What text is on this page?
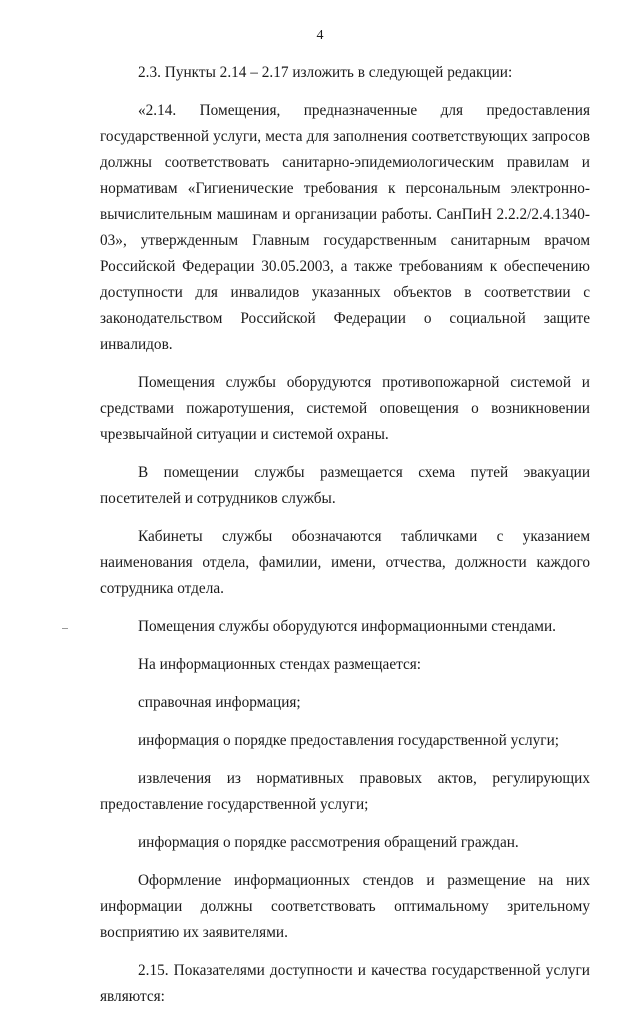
4

2.3. Пункты 2.14 – 2.17 изложить в следующей редакции:

«2.14. Помещения, предназначенные для предоставления государственной услуги, места для заполнения соответствующих запросов должны соответствовать санитарно-эпидемиологическим правилам и нормативам «Гигиенические требования к персональным электронно-вычислительным машинам и организации работы. СанПиН 2.2.2/2.4.1340-03», утвержденным Главным государственным санитарным врачом Российской Федерации 30.05.2003, а также требованиям к обеспечению доступности для инвалидов указанных объектов в соответствии с законодательством Российской Федерации о социальной защите инвалидов.

Помещения службы оборудуются противопожарной системой и средствами пожаротушения, системой оповещения о возникновении чрезвычайной ситуации и системой охраны.

В помещении службы размещается схема путей эвакуации посетителей и сотрудников службы.

Кабинеты службы обозначаются табличками с указанием наименования отдела, фамилии, имени, отчества, должности каждого сотрудника отдела.

Помещения службы оборудуются информационными стендами.

На информационных стендах размещается:

справочная информация;

информация о порядке предоставления государственной услуги;

извлечения из нормативных правовых актов, регулирующих предоставление государственной услуги;

информация о порядке рассмотрения обращений граждан.

Оформление информационных стендов и размещение на них информации должны соответствовать оптимальному зрительному восприятию их заявителями.

2.15. Показателями доступности и качества государственной услуги являются:
